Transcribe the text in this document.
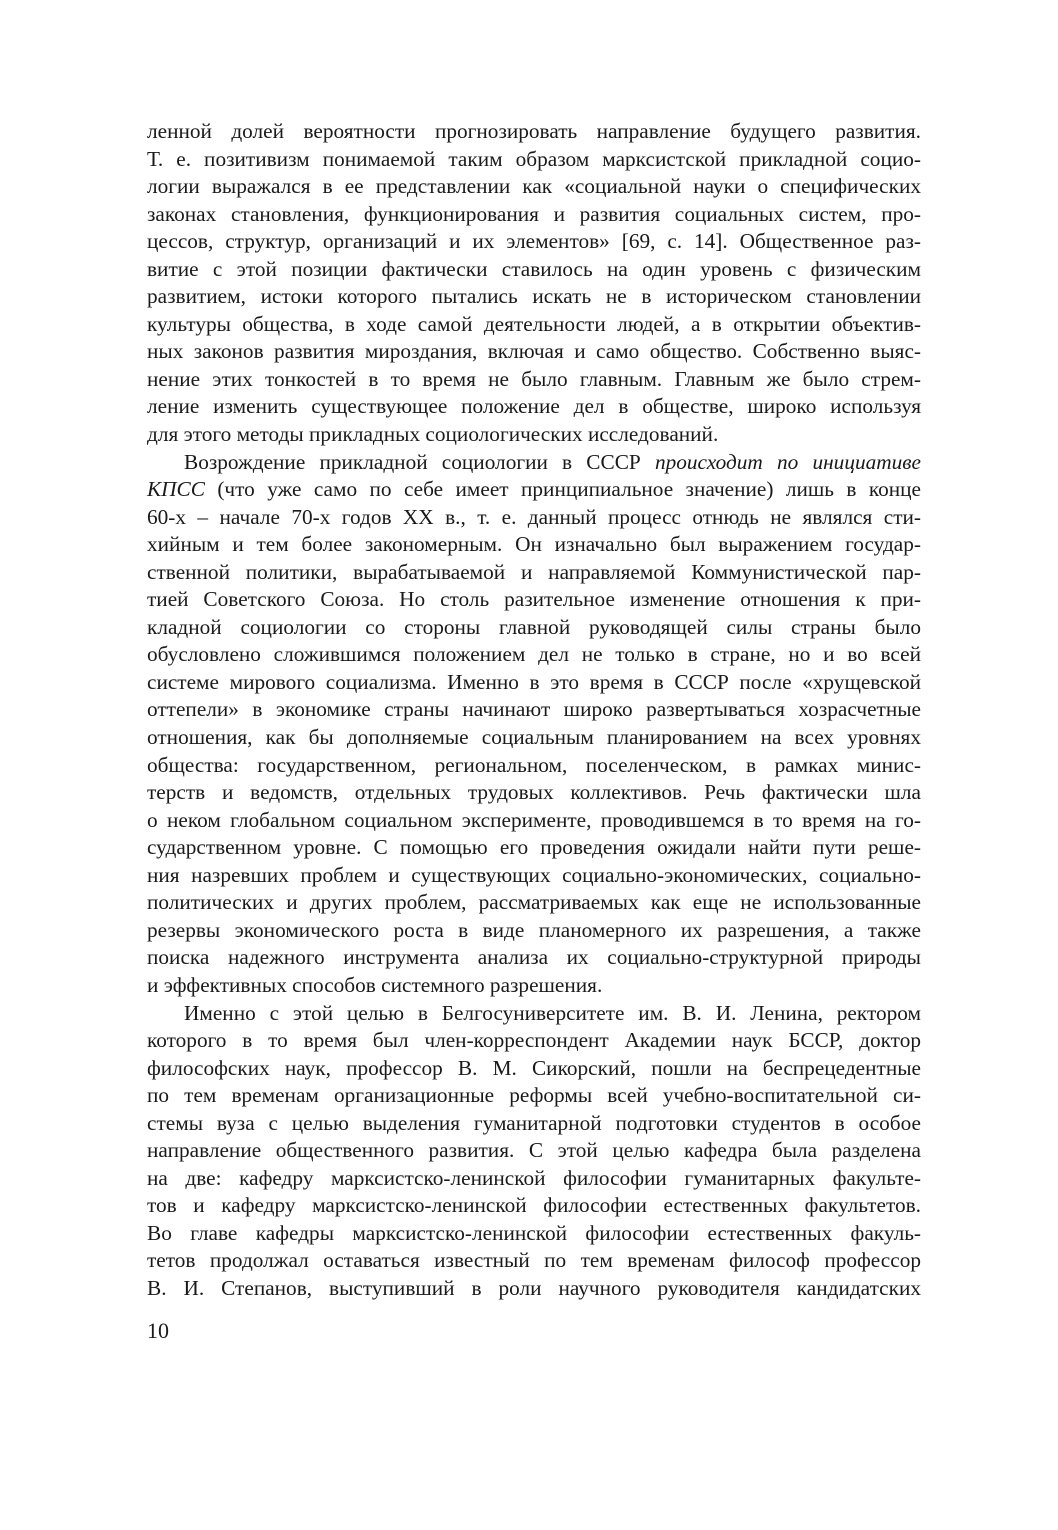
ленной долей вероятности прогнозировать направление будущего развития.
Т. е. позитивизм понимаемой таким образом марксистской прикладной социо-
логии выражался в ее представлении как «социальной науки о специфических
законах становления, функционирования и развития социальных систем, про-
цессов, структур, организаций и их элементов» [69, с. 14]. Общественное раз-
витие с этой позиции фактически ставилось на один уровень с физическим
развитием, истоки которого пытались искать не в историческом становлении
культуры общества, в ходе самой деятельности людей, а в открытии объектив-
ных законов развития мироздания, включая и само общество. Собственно выяс-
нение этих тонкостей в то время не было главным. Главным же было стрем-
ление изменить существующее положение дел в обществе, широко используя
для этого методы прикладных социологических исследований.
Возрождение прикладной социологии в СССР происходит по инициативе
КПСС (что уже само по себе имеет принципиальное значение) лишь в конце
60-х – начале 70-х годов XX в., т. е. данный процесс отнюдь не являлся сти-
хийным и тем более закономерным. Он изначально был выражением государ-
ственной политики, вырабатываемой и направляемой Коммунистической пар-
тией Советского Союза. Но столь разительное изменение отношения к при-
кладной социологии со стороны главной руководящей силы страны было
обусловлено сложившимся положением дел не только в стране, но и во всей
системе мирового социализма. Именно в это время в СССР после «хрущевской
оттепели» в экономике страны начинают широко развертываться хозрасчетные
отношения, как бы дополняемые социальным планированием на всех уровнях
общества: государственном, региональном, поселенческом, в рамках минис-
терств и ведомств, отдельных трудовых коллективов. Речь фактически шла
о неком глобальном социальном эксперименте, проводившемся в то время на го-
сударственном уровне. С помощью его проведения ожидали найти пути реше-
ния назревших проблем и существующих социально-экономических, социально-
политических и других проблем, рассматриваемых как еще не использованные
резервы экономического роста в виде планомерного их разрешения, а также
поиска надежного инструмента анализа их социально-структурной природы
и эффективных способов системного разрешения.
Именно с этой целью в Белгосуниверситете им. В. И. Ленина, ректором
которого в то время был член-корреспондент Академии наук БССР, доктор
философских наук, профессор В. М. Сикорский, пошли на беспрецедентные
по тем временам организационные реформы всей учебно-воспитательной си-
стемы вуза с целью выделения гуманитарной подготовки студентов в особое
направление общественного развития. С этой целью кафедра была разделена
на две: кафедру марксистско-ленинской философии гуманитарных факульте-
тов и кафедру марксистско-ленинской философии естественных факультетов.
Во главе кафедры марксистско-ленинской философии естественных факуль-
тетов продолжал оставаться известный по тем временам философ профессор
В. И. Степанов, выступивший в роли научного руководителя кандидатских
10
